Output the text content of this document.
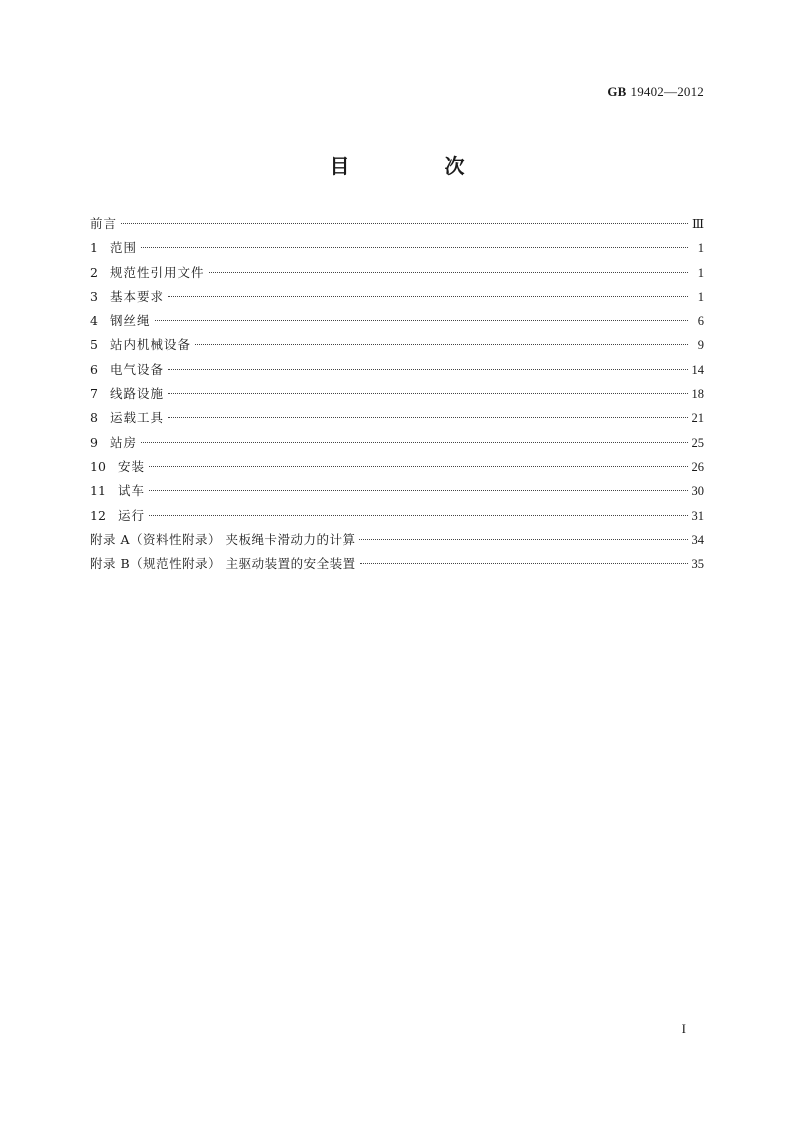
GB 19402—2012
目 次
前言	Ⅲ
1 范围	1
2 规范性引用文件	1
3 基本要求	1
4 钢丝绳	6
5 站内机械设备	9
6 电气设备	14
7 线路设施	18
8 运载工具	21
9 站房	25
10 安装	26
11 试车	30
12 运行	31
附录 A（资料性附录） 夹板绳卡滑动力的计算	34
附录 B（规范性附录） 主驱动装置的安全装置	35
I
